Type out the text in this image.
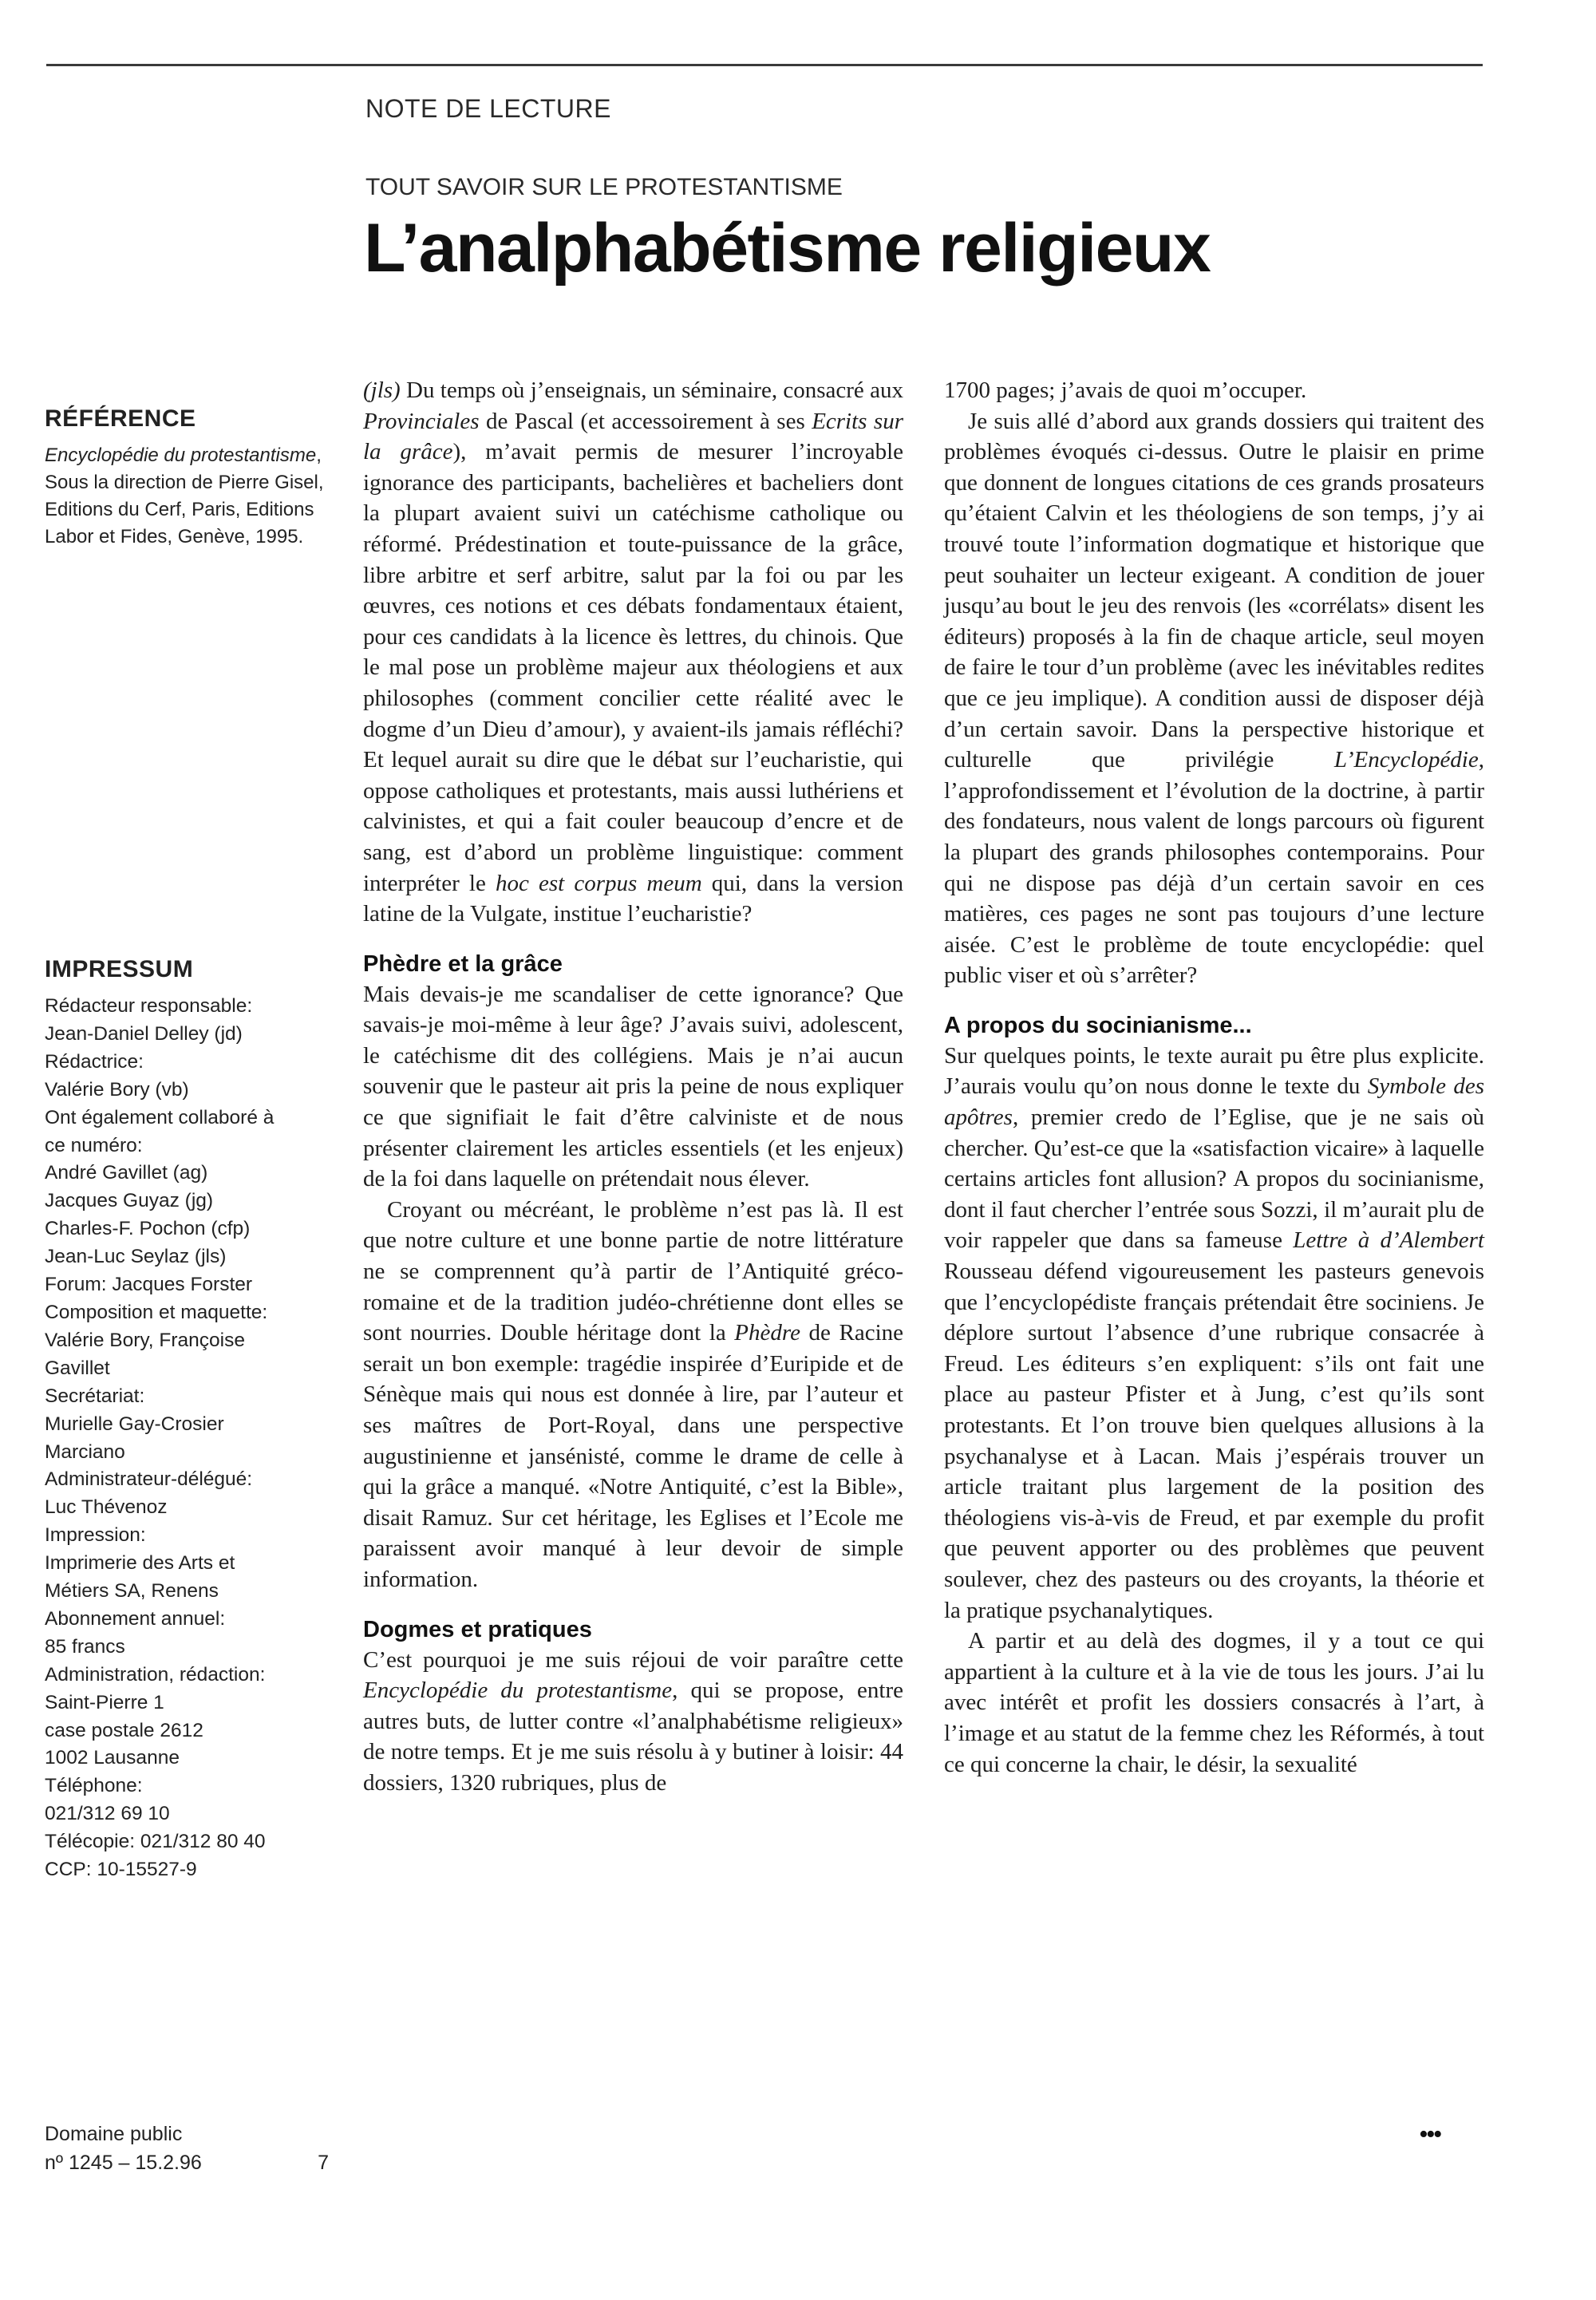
NOTE DE LECTURE
TOUT SAVOIR SUR LE PROTESTANTISME
L’analphabétisme religieux
RÉFÉRENCE

Encyclopédie du protestantisme, Sous la direction de Pierre Gisel, Editions du Cerf, Paris, Editions Labor et Fides, Genève, 1995.

IMPRESSUM
Rédacteur responsable:
Jean-Daniel Delley (jd)
Rédactrice:
Valérie Bory (vb)
Ont également collaboré à
ce numéro:
André Gavillet (ag)
Jacques Guyaz (jg)
Charles-F. Pochon (cfp)
Jean-Luc Seylaz (jls)
Forum: Jacques Forster
Composition et maquette:
Valérie Bory, Françoise
Gavillet
Secrétariat:
Murielle Gay-Crosier
Marciano
Administrateur-délégué:
Luc Thévenoz
Impression:
Imprimerie des Arts et
Métiers SA, Renens
Abonnement annuel:
85 francs
Administration, rédaction:
Saint-Pierre 1
case postale 2612
1002 Lausanne
Téléphone:
021/312 69 10
Télécopie: 021/312 80 40
CCP: 10-15527-9
Domaine public
nº 1245 – 15.2.96	7

(jls) Du temps où j’enseignais, un séminaire, consacré aux Provinciales de Pascal (et accessoirement à ses Ecrits sur la grâce), m’avait permis de mesurer l’incroyable ignorance des participants, bachelières et bacheliers dont la plupart avaient suivi un catéchisme catholique ou réformé. Prédestination et toute-puissance de la grâce, libre arbitre et serf arbitre, salut par la foi ou par les œuvres, ces notions et ces débats fondamentaux étaient, pour ces candidats à la licence ès lettres, du chinois. Que le mal pose un problème majeur aux théologiens et aux philosophes (comment concilier cette réalité avec le dogme d’un Dieu d’amour), y avaient-ils jamais réfléchi? Et lequel aurait su dire que le débat sur l’eucharistie, qui oppose catholiques et protestants, mais aussi luthériens et calvinistes, et qui a fait couler beaucoup d’encre et de sang, est d’abord un problème linguistique: comment interpréter le hoc est corpus meum qui, dans la version latine de la Vulgate, institue l’eucharistie?

Phèdre et la grâce

Mais devais-je me scandaliser de cette ignorance? Que savais-je moi-même à leur âge? J’avais suivi, adolescent, le catéchisme dit des collégiens. Mais je n’ai aucun souvenir que le pasteur ait pris la peine de nous expliquer ce que signifiait le fait d’être calviniste et de nous présenter clairement les articles essentiels (et les enjeux) de la foi dans laquelle on prétendait nous élever.

Croyant ou mécréant, le problème n’est pas là. Il est que notre culture et une bonne partie de notre littérature ne se comprennent qu’à partir de l’Antiquité gréco-romaine et de la tradition judéo-chrétienne dont elles se sont nourries. Double héritage dont la Phèdre de Racine serait un bon exemple: tragédie inspirée d’Euripide et de Sénèque mais qui nous est donnée à lire, par l’auteur et ses maîtres de Port-Royal, dans une perspective augustinienne et jansénisté, comme le drame de celle à qui la grâce a manqué. «Notre Antiquité, c’est la Bible», disait Ramuz. Sur cet héritage, les Eglises et l’Ecole me paraissent avoir manqué à leur devoir de simple information.

Dogmes et pratiques

C’est pourquoi je me suis réjoui de voir paraître cette Encyclopédie du protestantisme, qui se propose, entre autres buts, de lutter contre «l’analphabétisme religieux» de notre temps. Et je me suis résolu à y butiner à loisir: 44 dossiers, 1320 rubriques, plus de

1700 pages; j’avais de quoi m’occuper.

Je suis allé d’abord aux grands dossiers qui traitent des problèmes évoqués ci-dessus. Outre le plaisir en prime que donnent de longues citations de ces grands prosateurs qu’étaient Calvin et les théologiens de son temps, j’y ai trouvé toute l’information dogmatique et historique que peut souhaiter un lecteur exigeant. A condition de jouer jusqu’au bout le jeu des renvois (les «corrélats» disent les éditeurs) proposés à la fin de chaque article, seul moyen de faire le tour d’un problème (avec les inévitables redites que ce jeu implique). A condition aussi de disposer déjà d’un certain savoir. Dans la perspective historique et culturelle que privilégie L’Encyclopédie, l’approfondissement et l’évolution de la doctrine, à partir des fondateurs, nous valent de longs parcours où figurent la plupart des grands philosophes contemporains. Pour qui ne dispose pas déjà d’un certain savoir en ces matières, ces pages ne sont pas toujours d’une lecture aisée. C’est le problème de toute encyclopédie: quel public viser et où s’arrêter?

A propos du socinianisme...

Sur quelques points, le texte aurait pu être plus explicite. J’aurais voulu qu’on nous donne le texte du Symbole des apôtres, premier credo de l’Eglise, que je ne sais où chercher. Qu’est-ce que la «satisfaction vicaire» à laquelle certains articles font allusion? A propos du socinianisme, dont il faut chercher l’entrée sous Sozzi, il m’aurait plu de voir rappeler que dans sa fameuse Lettre à d’Alembert Rousseau défend vigoureusement les pasteurs genevois que l’encyclopédiste français prétendait être sociniens. Je déplore surtout l’absence d’une rubrique consacrée à Freud. Les éditeurs s’en expliquent: s’ils ont fait une place au pasteur Pfister et à Jung, c’est qu’ils sont protestants. Et l’on trouve bien quelques allusions à la psychanalyse et à Lacan. Mais j’espérais trouver un article traitant plus largement de la position des théologiens vis-à-vis de Freud, et par exemple du profit que peuvent apporter ou des problèmes que peuvent soulever, chez des pasteurs ou des croyants, la théorie et la pratique psychanalytiques.

A partir et au delà des dogmes, il y a tout ce qui appartient à la culture et à la vie de tous les jours. J’ai lu avec intérêt et profit les dossiers consacrés à l’art, à l’image et au statut de la femme chez les Réformés, à tout ce qui concerne la chair, le désir, la sexualité

•••
